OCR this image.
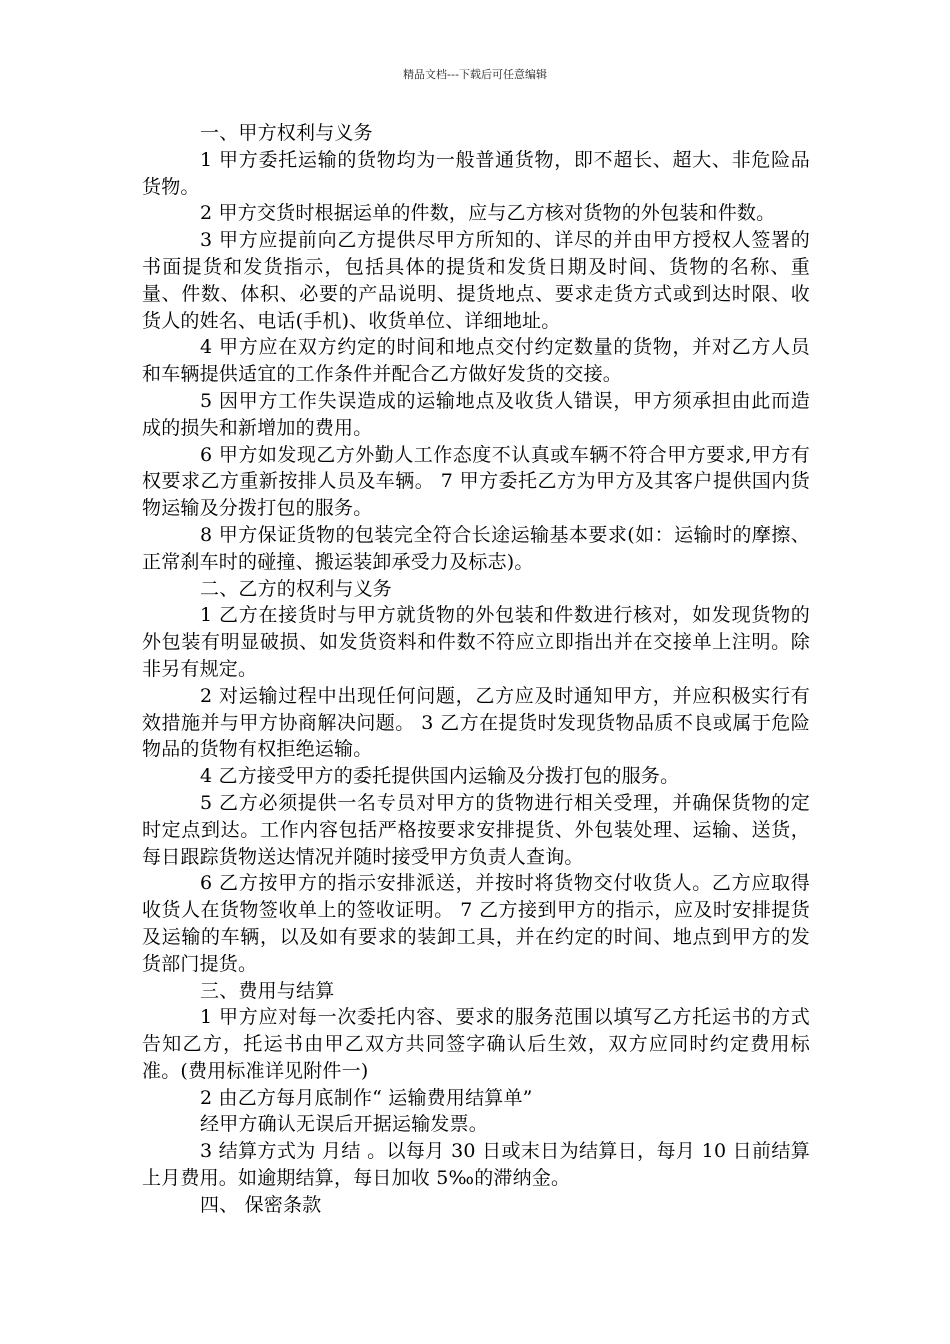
精品文档---下载后可任意编辑

一、甲方权利与义务

1 甲方委托运输的货物均为一般普通货物，即不超长、超大、非危险品货物。

2 甲方交货时根据运单的件数，应与乙方核对货物的外包装和件数。

3 甲方应提前向乙方提供尽甲方所知的、详尽的并由甲方授权人签署的书面提货和发货指示，包括具体的提货和发货日期及时间、货物的名称、重量、件数、体积、必要的产品说明、提货地点、要求走货方式或到达时限、收货人的姓名、电话(手机)、收货单位、详细地址。

4 甲方应在双方约定的时间和地点交付约定数量的货物，并对乙方人员和车辆提供适宜的工作条件并配合乙方做好发货的交接。

5 因甲方工作失误造成的运输地点及收货人错误，甲方须承担由此而造成的损失和新增加的费用。

6 甲方如发现乙方外勤人工作态度不认真或车辆不符合甲方要求,甲方有权要求乙方重新按排人员及车辆。 7 甲方委托乙方为甲方及其客户提供国内货物运输及分拨打包的服务。

8 甲方保证货物的包装完全符合长途运输基本要求(如：运输时的摩擦、正常刹车时的碰撞、搬运装卸承受力及标志)。

二、乙方的权利与义务

1 乙方在接货时与甲方就货物的外包装和件数进行核对，如发现货物的外包装有明显破损、如发货资料和件数不符应立即指出并在交接单上注明。除非另有规定。

2 对运输过程中出现任何问题，乙方应及时通知甲方，并应积极实行有效措施并与甲方协商解决问题。 3 乙方在提货时发现货物品质不良或属于危险物品的货物有权拒绝运输。

4 乙方接受甲方的委托提供国内运输及分拨打包的服务。

5 乙方必须提供一名专员对甲方的货物进行相关受理，并确保货物的定时定点到达。工作内容包括严格按要求安排提货、外包装处理、运输、送货，每日跟踪货物送达情况并随时接受甲方负责人查询。

6 乙方按甲方的指示安排派送，并按时将货物交付收货人。乙方应取得收货人在货物签收单上的签收证明。 7 乙方接到甲方的指示，应及时安排提货及运输的车辆，以及如有要求的装卸工具，并在约定的时间、地点到甲方的发货部门提货。

三、费用与结算

1 甲方应对每一次委托内容、要求的服务范围以填写乙方托运书的方式告知乙方，托运书由甲乙双方共同签字确认后生效，双方应同时约定费用标准。(费用标准详见附件一)

2 由乙方每月底制作“ 运输费用结算单”

经甲方确认无误后开据运输发票。

3 结算方式为 月结 。以每月 30 日或末日为结算日，每月 10 日前结算上月费用。如逾期结算，每日加收 5‰的滞纳金。

四、 保密条款
